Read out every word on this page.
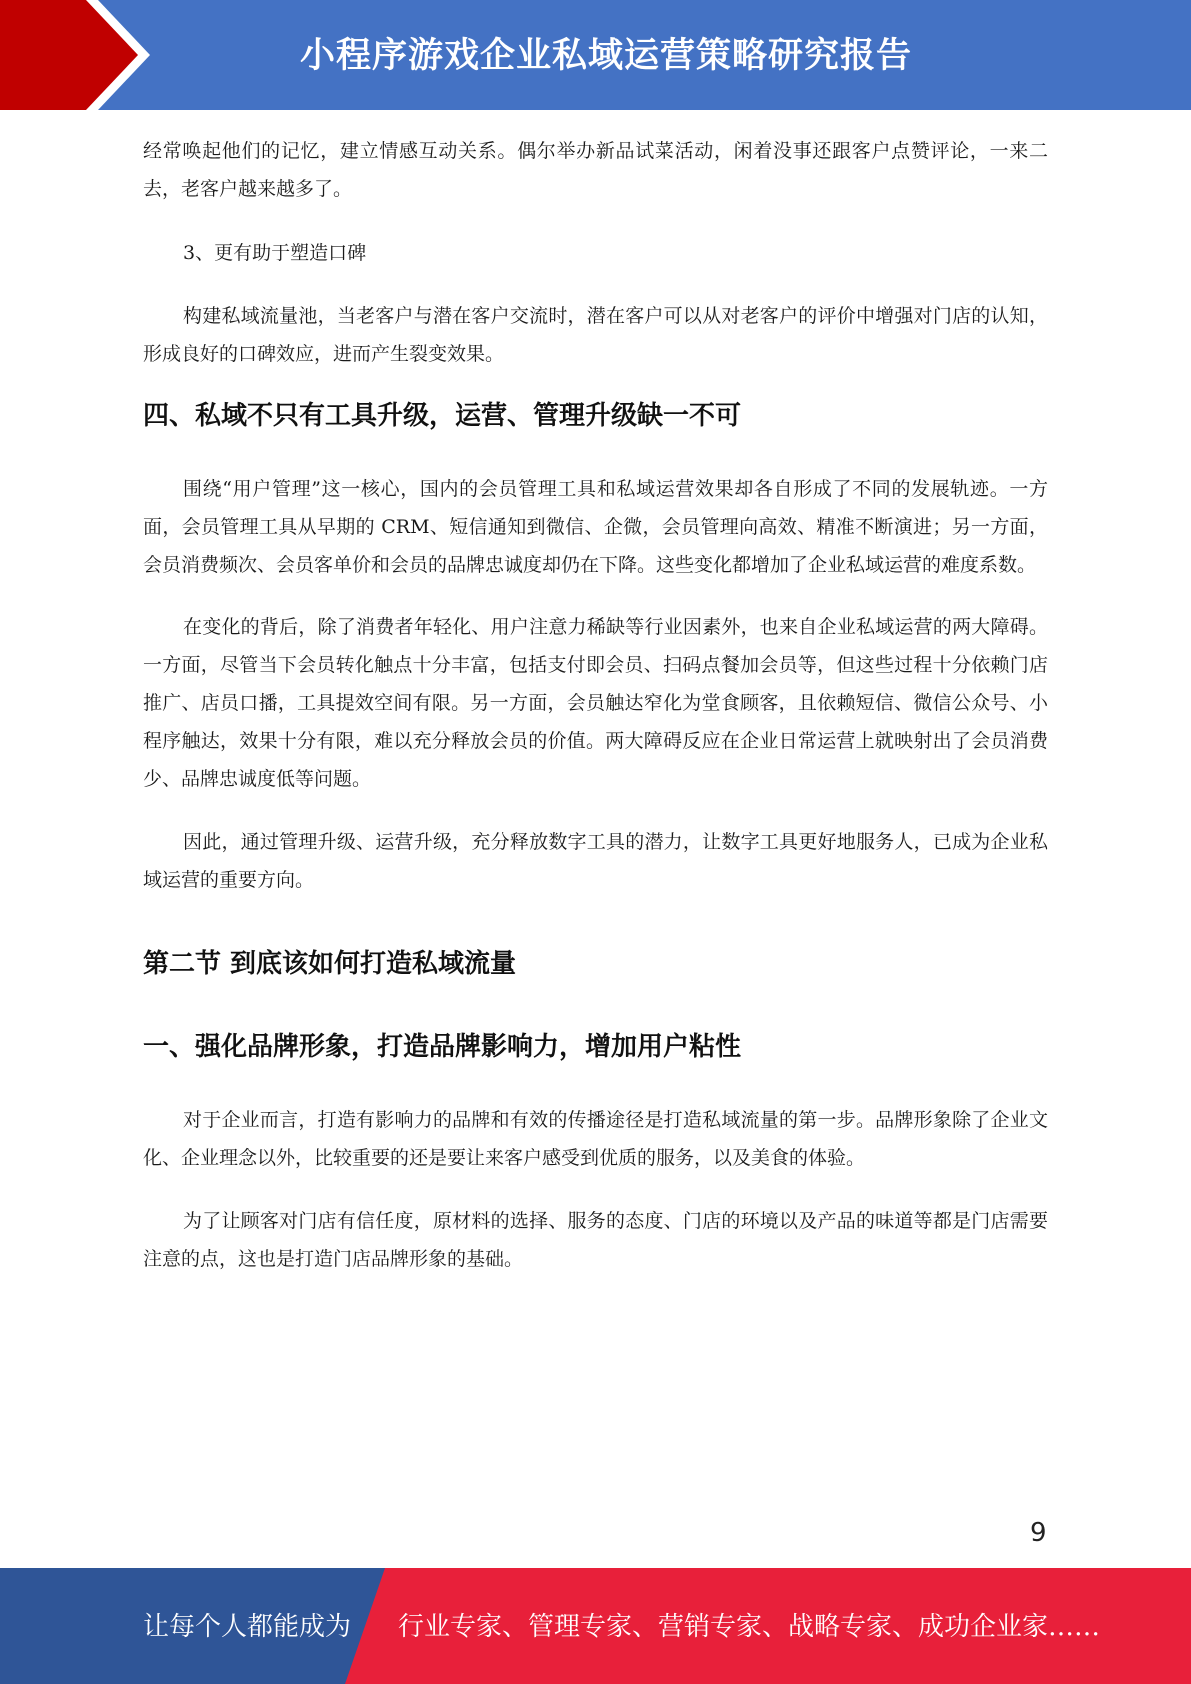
小程序游戏企业私域运营策略研究报告

经常唤起他们的记忆，建立情感互动关系。偶尔举办新品试菜活动，闲着没事还跟客户点赞评论，一来二去，老客户越来越多了。

3、更有助于塑造口碑

构建私域流量池，当老客户与潜在客户交流时，潜在客户可以从对老客户的评价中增强对门店的认知，形成良好的口碑效应，进而产生裂变效果。

四、私域不只有工具升级，运营、管理升级缺一不可

围绕“用户管理”这一核心，国内的会员管理工具和私域运营效果却各自形成了不同的发展轨迹。一方面，会员管理工具从早期的 CRM、短信通知到微信、企微，会员管理向高效、精准不断演进；另一方面，会员消费频次、会员客单价和会员的品牌忠诚度却仍在下降。这些变化都增加了企业私域运营的难度系数。

在变化的背后，除了消费者年轻化、用户注意力稀缺等行业因素外，也来自企业私域运营的两大障碍。一方面，尽管当下会员转化触点十分丰富，包括支付即会员、扫码点餐加会员等，但这些过程十分依赖门店推广、店员口播，工具提效空间有限。另一方面，会员触达窄化为堂食顾客，且依赖短信、微信公众号、小程序触达，效果十分有限，难以充分释放会员的价值。两大障碍反应在企业日常运营上就映射出了会员消费少、品牌忠诚度低等问题。

因此，通过管理升级、运营升级，充分释放数字工具的潜力，让数字工具更好地服务人，已成为企业私域运营的重要方向。

第二节 到底该如何打造私域流量
一、强化品牌形象，打造品牌影响力，增加用户粘性

对于企业而言，打造有影响力的品牌和有效的传播途径是打造私域流量的第一步。品牌形象除了企业文化、企业理念以外，比较重要的还是要让来客户感受到优质的服务，以及美食的体验。

为了让顾客对门店有信任度，原材料的选择、服务的态度、门店的环境以及产品的味道等都是门店需要注意的点，这也是打造门店品牌形象的基础。

9
让每个人都能成为 行业专家、管理专家、营销专家、战略专家、成功企业家……
